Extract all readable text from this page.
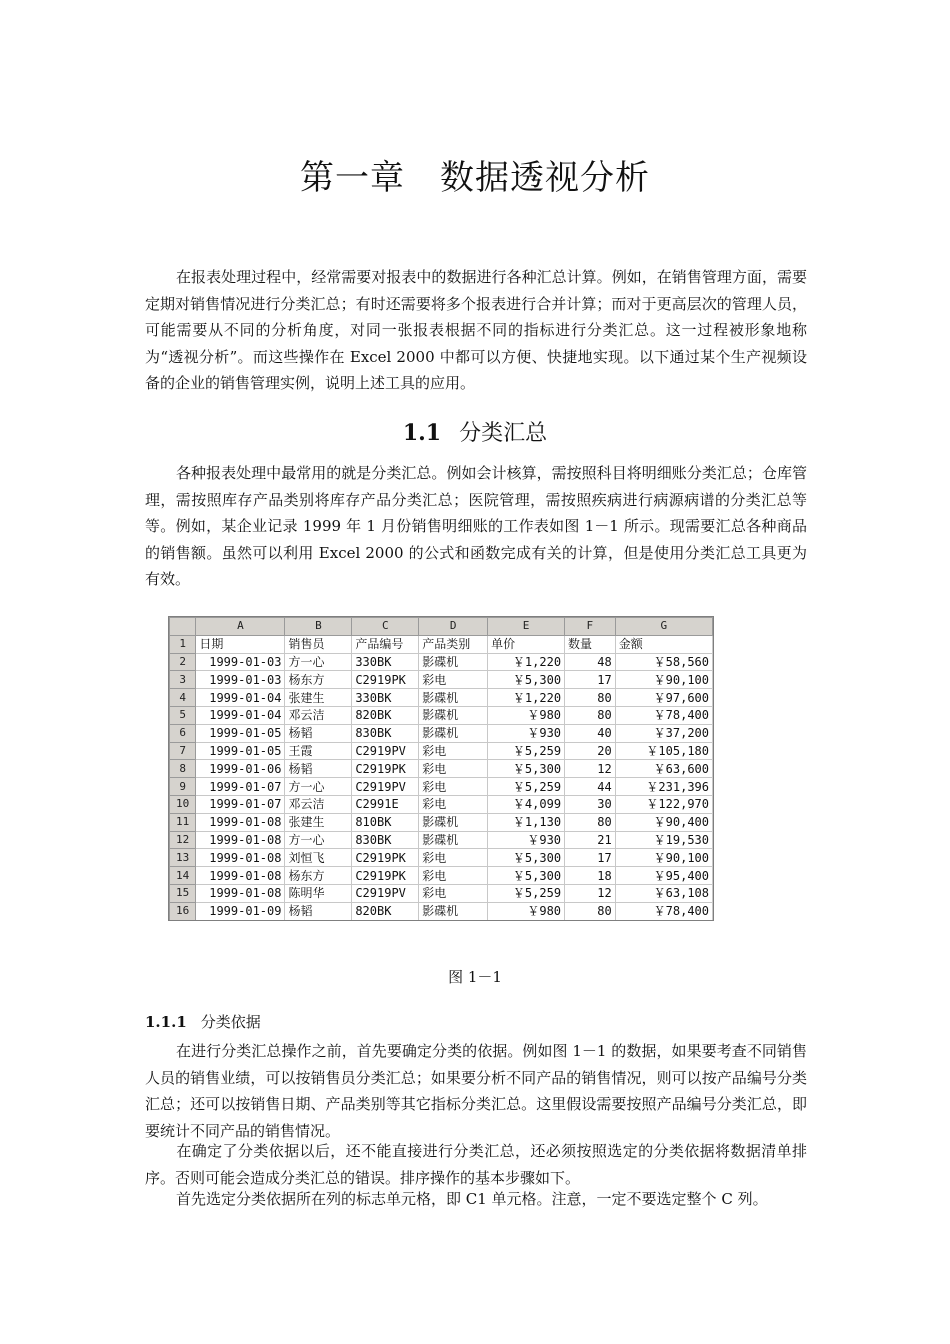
第一章　数据透视分析

在报表处理过程中，经常需要对报表中的数据进行各种汇总计算。例如，在销售管理方面，需要定期对销售情况进行分类汇总；有时还需要将多个报表进行合并计算；而对于更高层次的管理人员，可能需要从不同的分析角度，对同一张报表根据不同的指标进行分类汇总。这一过程被形象地称为“透视分析”。而这些操作在 Excel 2000 中都可以方便、快捷地实现。以下通过某个生产视频设备的企业的销售管理实例，说明上述工具的应用。

1.1 分类汇总

各种报表处理中最常用的就是分类汇总。例如会计核算，需按照科目将明细账分类汇总；仓库管理，需按照库存产品类别将库存产品分类汇总；医院管理，需按照疾病进行病源病谱的分类汇总等等。例如，某企业记录 1999 年 1 月份销售明细账的工作表如图 1－1 所示。现需要汇总各种商品的销售额。虽然可以利用 Excel 2000 的公式和函数完成有关的计算，但是使用分类汇总工具更为有效。

	A	B	C	D	E	F	G
1	日期	销售员	产品编号	产品类别	单价	数量	金额
2	1999-01-03	方一心	330BK	影碟机	￥1,220	48	￥58,560
3	1999-01-03	杨东方	C2919PK	彩电	￥5,300	17	￥90,100
4	1999-01-04	张建生	330BK	影碟机	￥1,220	80	￥97,600
5	1999-01-04	邓云洁	820BK	影碟机	￥980	80	￥78,400
6	1999-01-05	杨韬	830BK	影碟机	￥930	40	￥37,200
7	1999-01-05	王霞	C2919PV	彩电	￥5,259	20	￥105,180
8	1999-01-06	杨韬	C2919PK	彩电	￥5,300	12	￥63,600
9	1999-01-07	方一心	C2919PV	彩电	￥5,259	44	￥231,396
10	1999-01-07	邓云洁	C2991E	彩电	￥4,099	30	￥122,970
11	1999-01-08	张建生	810BK	影碟机	￥1,130	80	￥90,400
12	1999-01-08	方一心	830BK	影碟机	￥930	21	￥19,530
13	1999-01-08	刘恒飞	C2919PK	彩电	￥5,300	17	￥90,100
14	1999-01-08	杨东方	C2919PK	彩电	￥5,300	18	￥95,400
15	1999-01-08	陈明华	C2919PV	彩电	￥5,259	12	￥63,108
16	1999-01-09	杨韬	820BK	影碟机	￥980	80	￥78,400

图 1－1

1.1.1 分类依据

在进行分类汇总操作之前，首先要确定分类的依据。例如图 1－1 的数据，如果要考查不同销售人员的销售业绩，可以按销售员分类汇总；如果要分析不同产品的销售情况，则可以按产品编号分类汇总；还可以按销售日期、产品类别等其它指标分类汇总。这里假设需要按照产品编号分类汇总，即要统计不同产品的销售情况。

在确定了分类依据以后，还不能直接进行分类汇总，还必须按照选定的分类依据将数据清单排序。否则可能会造成分类汇总的错误。排序操作的基本步骤如下。

首先选定分类依据所在列的标志单元格，即 C1 单元格。注意，一定不要选定整个 C 列。
